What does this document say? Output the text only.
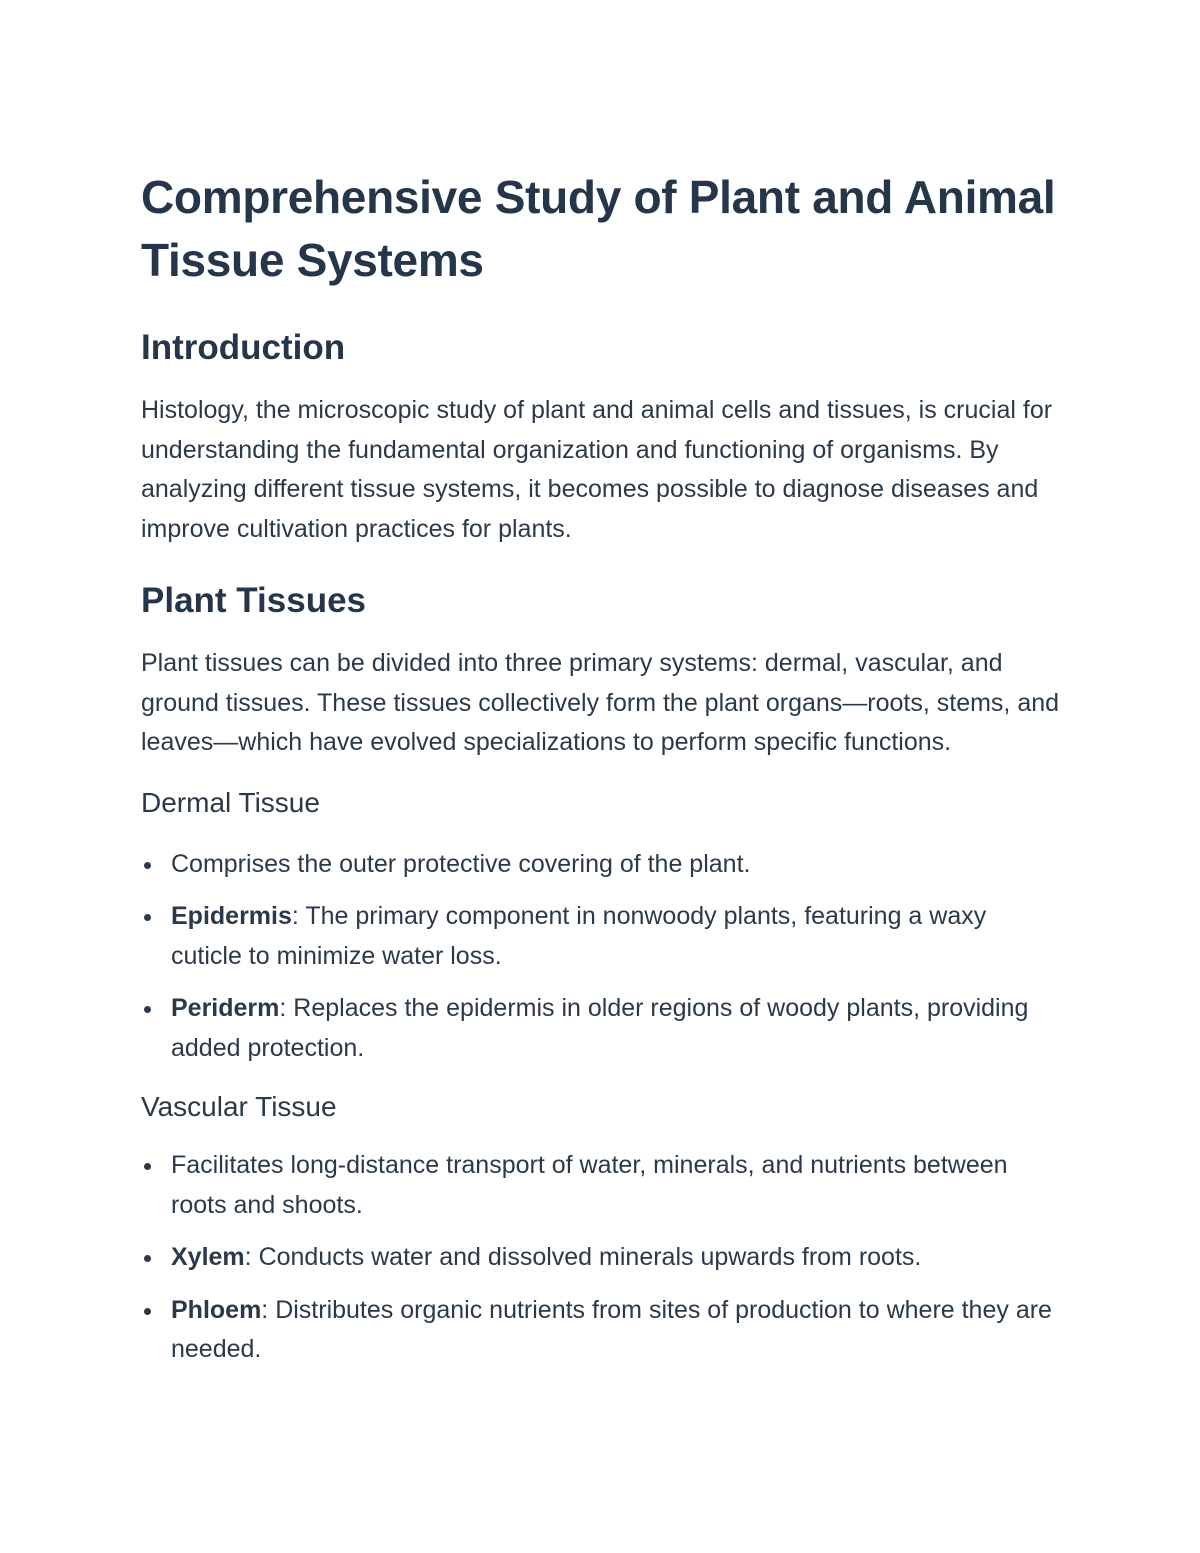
Comprehensive Study of Plant and Animal Tissue Systems
Introduction

Histology, the microscopic study of plant and animal cells and tissues, is crucial for understanding the fundamental organization and functioning of organisms. By analyzing different tissue systems, it becomes possible to diagnose diseases and improve cultivation practices for plants.

Plant Tissues

Plant tissues can be divided into three primary systems: dermal, vascular, and ground tissues. These tissues collectively form the plant organs—roots, stems, and leaves—which have evolved specializations to perform specific functions.

Dermal Tissue
Comprises the outer protective covering of the plant.
Epidermis: The primary component in nonwoody plants, featuring a waxy cuticle to minimize water loss.
Periderm: Replaces the epidermis in older regions of woody plants, providing added protection.
Vascular Tissue
Facilitates long-distance transport of water, minerals, and nutrients between roots and shoots.
Xylem: Conducts water and dissolved minerals upwards from roots.
Phloem: Distributes organic nutrients from sites of production to where they are needed.
